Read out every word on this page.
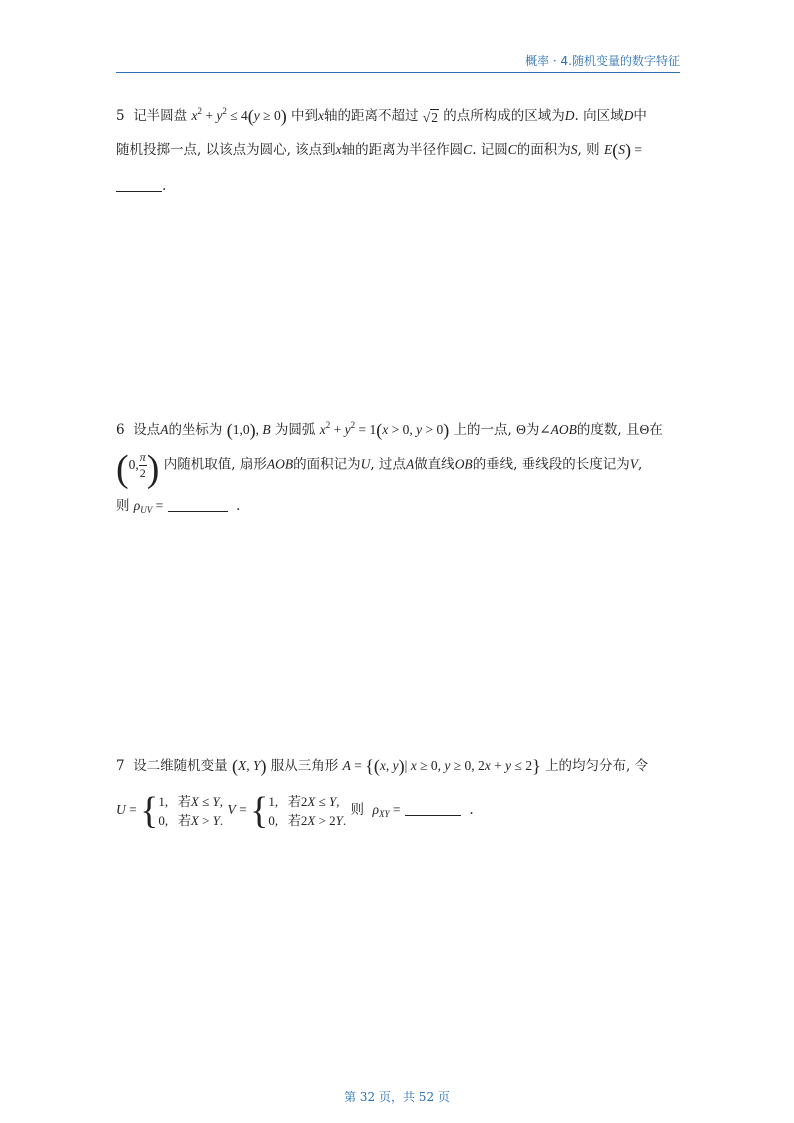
概率 · 4.随机变量的数字特征
5 记半圆盘 $x^2 + y^2 \le 4(y \ge 0)$ 中到x轴的距离不超过 √2 的点所构成的区域为D. 向区域D中
随机投掷一点, 以该点为圆心, 该点到x轴的距离为半径作圆C. 记圆C的面积为S, 则 E(S) =
.
6 设点A的坐标为 (1,0), B 为圆弧 $x^2 + y^2 = 1(x > 0$, y > 0) 上的一点, Θ为∠AOB的度数, 且Θ在
(0, $\frac{\pi}{2}$ ) 内随机取值, 扇形AOB的面积记为U, 过点A做直线OB的垂线, 垂线段的长度记为V,
则 $\rho_{UV}$ =	.
7 设二维随机变量 (X, Y) 服从三角形 A = {(x, y)| x ≥ 0, y ≥ 0, 2x + y ≤ 2} 上的均匀分布, 令
U = {1,   若X ≤ Y,
0,   若X > Y. V = {1,   若2X ≤ Y,
0,   若2X > 2Y. 则 $\rho_{XY}$ =	.
第 32 页，共 52 页
